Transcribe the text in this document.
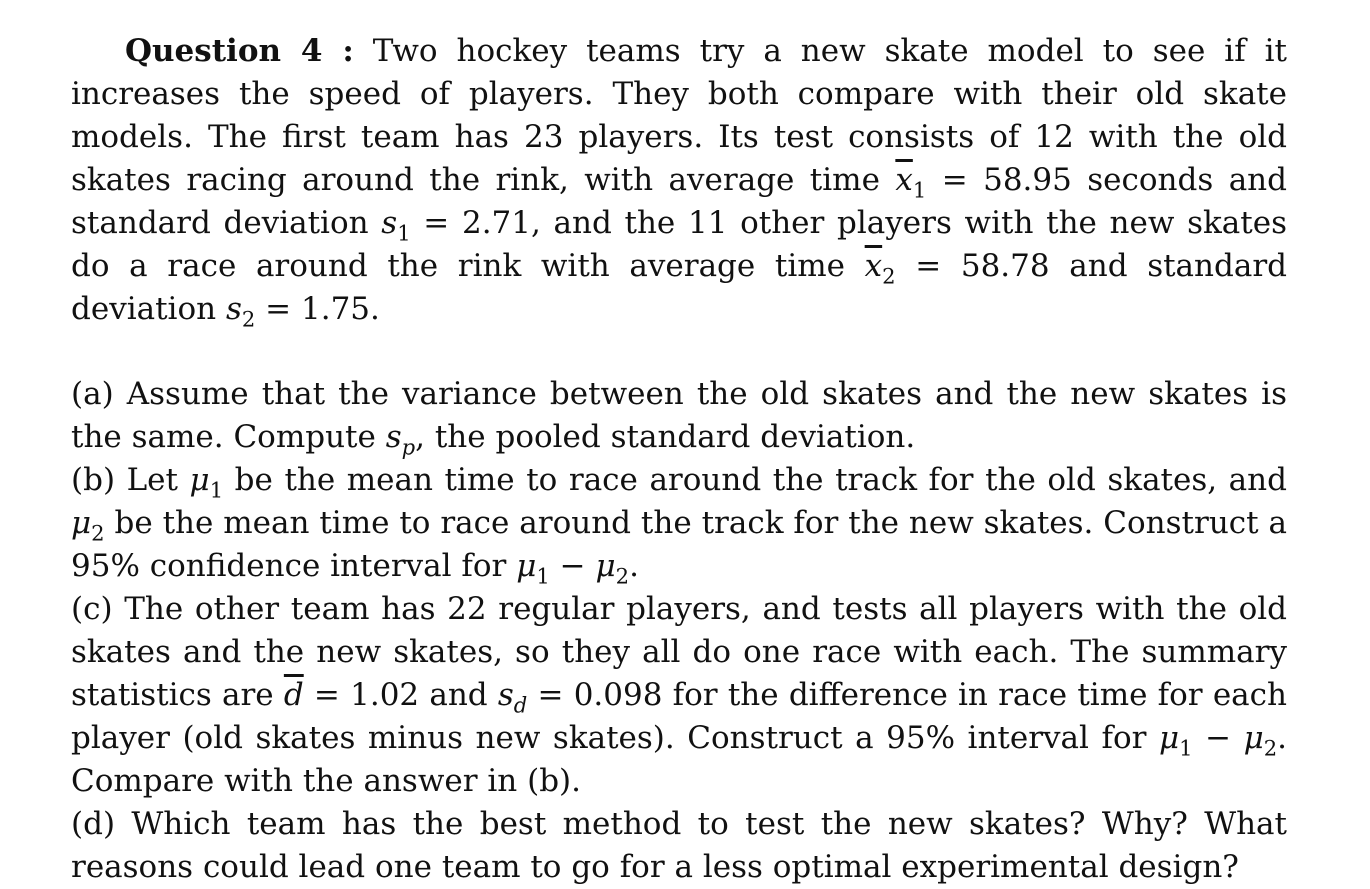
Question 4 : Two hockey teams try a new skate model to see if it increases the speed of players. They both compare with their old skate models. The first team has 23 players. Its test consists of 12 with the old skates racing around the rink, with average time $\overline{x}_1 = 58.95$ seconds and standard deviation $s_1 = 2.71$, and the 11 other players with the new skates do a race around the rink with average time $\overline{x}_2 = 58.78$ and standard deviation $s_2 = 1.75$.

(a) Assume that the variance between the old skates and the new skates is the same. Compute $s_p$, the pooled standard deviation.

(b) Let $\mu_1$ be the mean time to race around the track for the old skates, and $\mu_2$ be the mean time to race around the track for the new skates. Construct a 95% confidence interval for $\mu_1 - \mu_2$.

(c) The other team has 22 regular players, and tests all players with the old skates and the new skates, so they all do one race with each. The summary statistics are $\overline{d} = 1.02$ and $s_d = 0.098$ for the difference in race time for each player (old skates minus new skates). Construct a 95% interval for $\mu_1 - \mu_2$. Compare with the answer in (b).

(d) Which team has the best method to test the new skates? Why? What reasons could lead one team to go for a less optimal experimental design?
